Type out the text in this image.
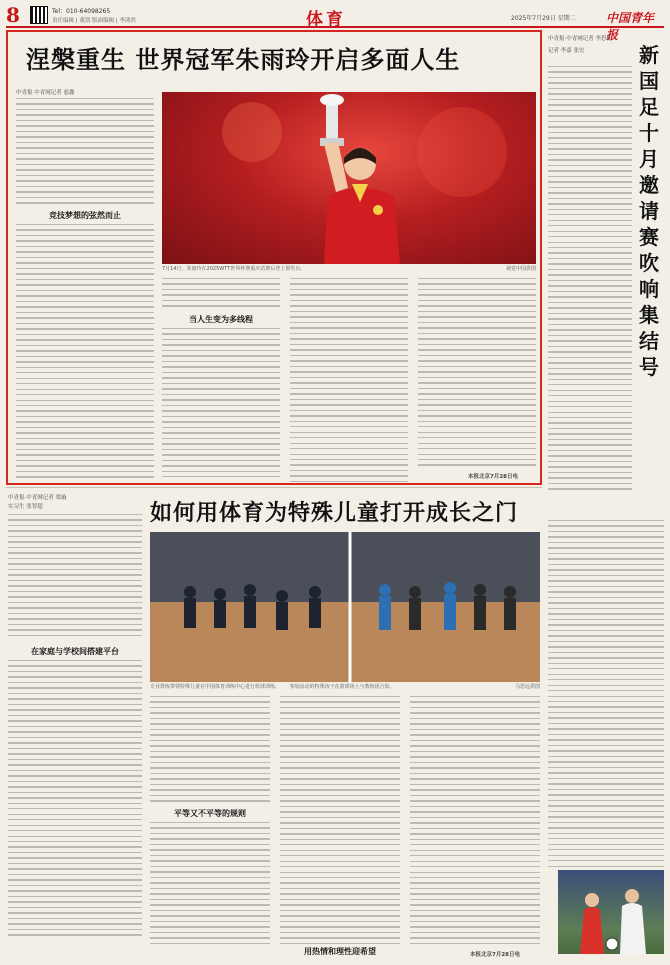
8	Tel：010-64098265
责任编辑 | 董凯 版面编辑 | 李鸿然	体育	2025年7月29日 星期二	中国青年报
涅槃重生 世界冠军朱雨玲开启多面人生
中青报·中青网记者 慈鑫
竞技梦想的弦然而止
7月14日，朱雨玲在2025WTT世界杯赛重庆站赛后登上领奖台。	视觉中国供图
当人生变为多线程
本报北京7月28日电
中青报·中青网记者 李思佳
记者 李嘉 张宏	新国足十月邀请赛吹响集结号
中青报·中青网记者 梁璇
实习生 张智超	如何用体育为特殊儿童打开成长之门
在家庭与学校间搭建平台
专业教练带领特殊儿童在中国体育训练中心进行篮球训练。 参加活动的特殊孩子在篮球场上与教练团合影。	马思远供图
平等又不平等的规则
用热情和理性迎希望	本报北京7月28日电
